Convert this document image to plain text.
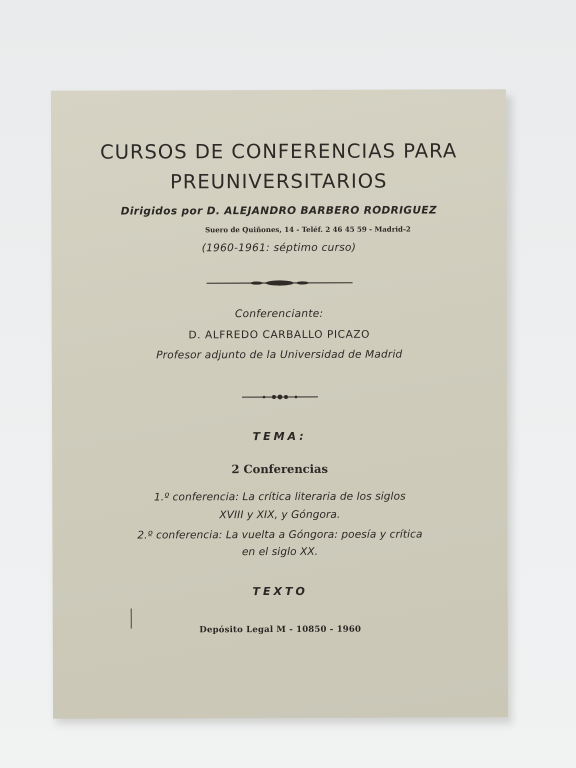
CURSOS DE CONFERENCIAS PARA
PREUNIVERSITARIOS
Dirigidos por D. ALEJANDRO BARBERO RODRIGUEZ
Suero de Quiñones, 14 - Teléf. 2 46 45 59 - Madrid-2
(1960-1961: séptimo curso)
Conferenciante:
D. ALFREDO CARBALLO PICAZO
Profesor adjunto de la Universidad de Madrid
TEMA:
2 Conferencias
1.º conferencia: La crítica literaria de los siglos
XVIII y XIX, y Góngora.
2.º conferencia: La vuelta a Góngora: poesía y crítica
en el siglo XX.
TEXTO
Depósito Legal M - 10850 - 1960
